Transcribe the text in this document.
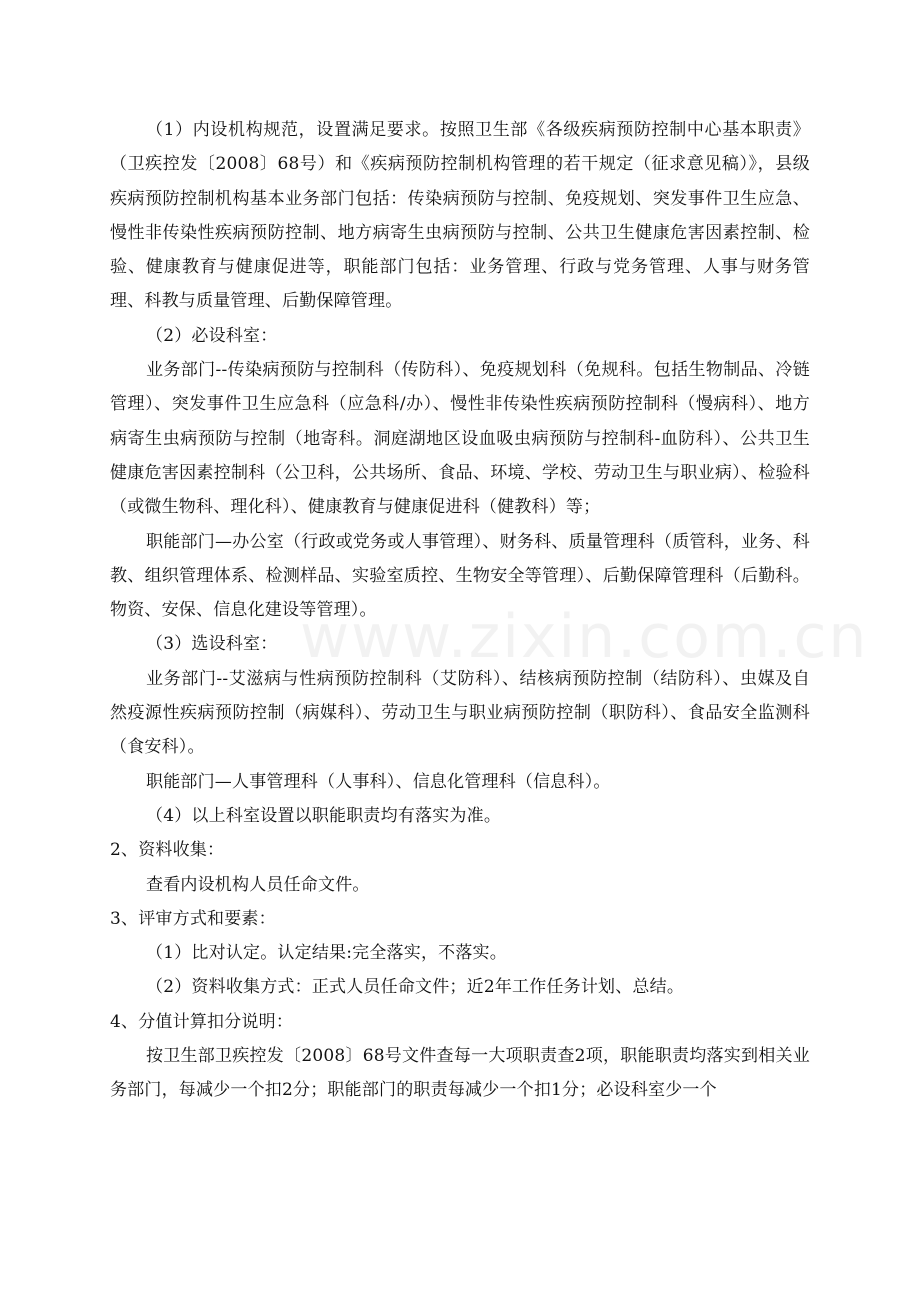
www.zixin.com.cn

（1）内设机构规范，设置满足要求。按照卫生部《各级疾病预防控制中心基本职责》（卫疾控发〔2008〕68号）和《疾病预防控制机构管理的若干规定（征求意见稿）》，县级疾病预防控制机构基本业务部门包括：传染病预防与控制、免疫规划、突发事件卫生应急、慢性非传染性疾病预防控制、地方病寄生虫病预防与控制、公共卫生健康危害因素控制、检验、健康教育与健康促进等，职能部门包括：业务管理、行政与党务管理、人事与财务管理、科教与质量管理、后勤保障管理。

（2）必设科室：

业务部门--传染病预防与控制科（传防科）、免疫规划科（免规科。包括生物制品、冷链管理）、突发事件卫生应急科（应急科/办）、慢性非传染性疾病预防控制科（慢病科）、地方病寄生虫病预防与控制（地寄科。洞庭湖地区设血吸虫病预防与控制科-血防科）、公共卫生健康危害因素控制科（公卫科，公共场所、食品、环境、学校、劳动卫生与职业病）、检验科（或微生物科、理化科）、健康教育与健康促进科（健教科）等；

职能部门—办公室（行政或党务或人事管理）、财务科、质量管理科（质管科，业务、科教、组织管理体系、检测样品、实验室质控、生物安全等管理）、后勤保障管理科（后勤科。物资、安保、信息化建设等管理）。

（3）选设科室：

业务部门--艾滋病与性病预防控制科（艾防科）、结核病预防控制（结防科）、虫媒及自然疫源性疾病预防控制（病媒科）、劳动卫生与职业病预防控制（职防科）、食品安全监测科（食安科）。

职能部门—人事管理科（人事科）、信息化管理科（信息科）。

（4）以上科室设置以职能职责均有落实为准。

2、资料收集：

查看内设机构人员任命文件。

3、评审方式和要素：

（1）比对认定。认定结果:完全落实，不落实。

（2）资料收集方式：正式人员任命文件；近2年工作任务计划、总结。

4、分值计算扣分说明：

按卫生部卫疾控发〔2008〕68号文件查每一大项职责查2项，职能职责均落实到相关业务部门，每减少一个扣2分；职能部门的职责每减少一个扣1分；必设科室少一个
